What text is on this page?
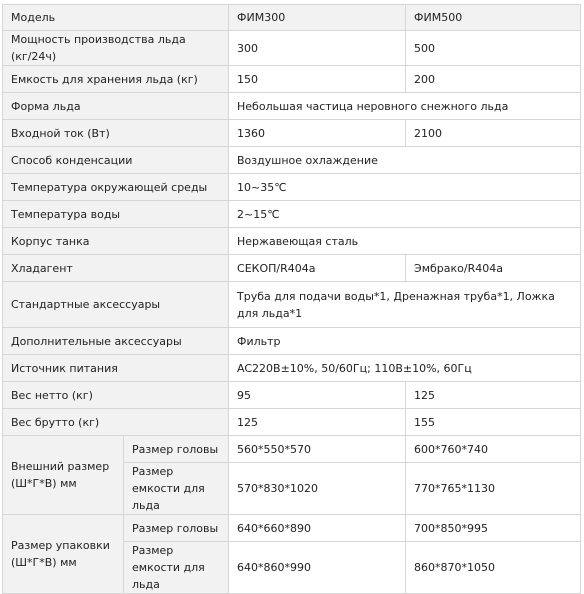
Модель		ФИМ300	ФИМ500
Мощность производства льда (кг/24ч)		300	500
Емкость для хранения льда (кг)		150	200
Форма льда		Небольшая частица неровного снежного льда	
Входной ток (Вт)		1360	2100
Способ конденсации		Воздушное охлаждение	
Температура окружающей среды		10~35℃	
Температура воды		2~15℃	
Корпус танка		Нержавеющая сталь	
Хладагент		СЕКОП/R404a	Эмбрако/R404a
Стандартные аксессуары		Труба для подачи воды*1, Дренажная труба*1, Ложка для льда*1	
Дополнительные аксессуары		Фильтр	
Источник питания		AC220В±10%, 50/60Гц; 110В±10%, 60Гц	
Вес нетто (кг)		95	125
Вес брутто (кг)		125	155
Внешний размер (Ш*Г*В) мм	Размер головы	560*550*570	600*760*740
	Размер емкости для льда	570*830*1020	770*765*1130
Размер упаковки (Ш*Г*В) мм	Размер головы	640*660*890	700*850*995
	Размер емкости для льда	640*860*990	860*870*1050
